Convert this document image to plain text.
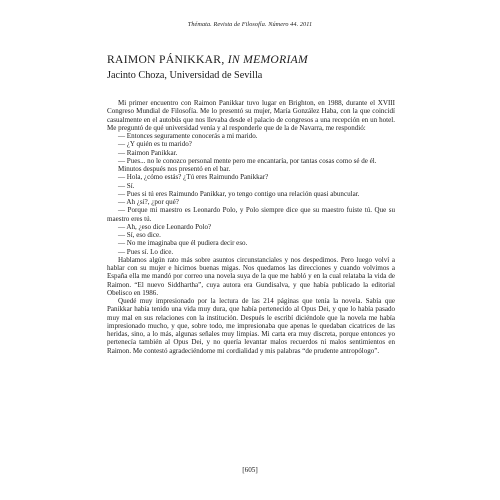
Thémata. Revista de Filosofía. Número 44. 2011
RAIMON PÁNIKKAR, IN MEMORIAM
Jacinto Choza, Universidad de Sevilla

Mi primer encuentro con Raimon Panikkar tuvo lugar en Brighton, en 1988, durante el XVIII Congreso Mundial de Filosofía. Me lo presentó su mujer, María González Haba, con la que coincidí casualmente en el autobús que nos llevaba desde el palacio de congresos a una recepción en un hotel. Me preguntó de qué universidad venía y al responderle que de la de Navarra, me respondió:

— Entonces seguramente conocerás a mi marido.

— ¿Y quién es tu marido?

— Raimon Panikkar.

— Pues... no le conozco personal mente pero me encantaría, por tantas cosas como sé de él.

Minutos después nos presentó en el bar.

— Hola, ¿cómo estás? ¿Tú eres Raimundo Panikkar?

— Sí.

— Pues si tú eres Raimundo Panikkar, yo tengo contigo una relación quasi abuncular.

— Ah ¿sí?, ¿por qué?

— Porque mi maestro es Leonardo Polo, y Polo siempre dice que su maestro fuiste tú. Que su maestro eres tú.

— Ah, ¿eso dice Leonardo Polo?

— Sí, eso dice.

— No me imaginaba que él pudiera decir eso.

— Pues sí. Lo dice.

Hablamos algún rato más sobre asuntos circunstanciales y nos despedimos. Pero luego volví a hablar con su mujer e hicimos buenas migas. Nos quedamos las direcciones y cuando volvimos a España ella me mandó por correo una novela suya de la que me habló y en la cual relataba la vida de Raimon. “El nuevo Siddhartha”, cuya autora era Gundisalva, y que había publicado la editorial Obelisco en 1986.

Quedé muy impresionado por la lectura de las 214 páginas que tenía la novela. Sabía que Panikkar había tenido una vida muy dura, que había pertenecido al Opus Dei, y que lo había pasado muy mal en sus relaciones con la institución. Después le escribí diciéndole que la novela me había impresionado mucho, y que, sobre todo, me impresionaba que apenas le quedaban cicatrices de las heridas, sino, a lo más, algunas señales muy limpias. Mi carta era muy discreta, porque entonces yo pertenecía también al Opus Dei, y no quería levantar malos recuerdos ni malos sentimientos en Raimon. Me contestó agradeciéndome mi cordialidad y mis palabras “de prudente antropólogo”.

[605]
